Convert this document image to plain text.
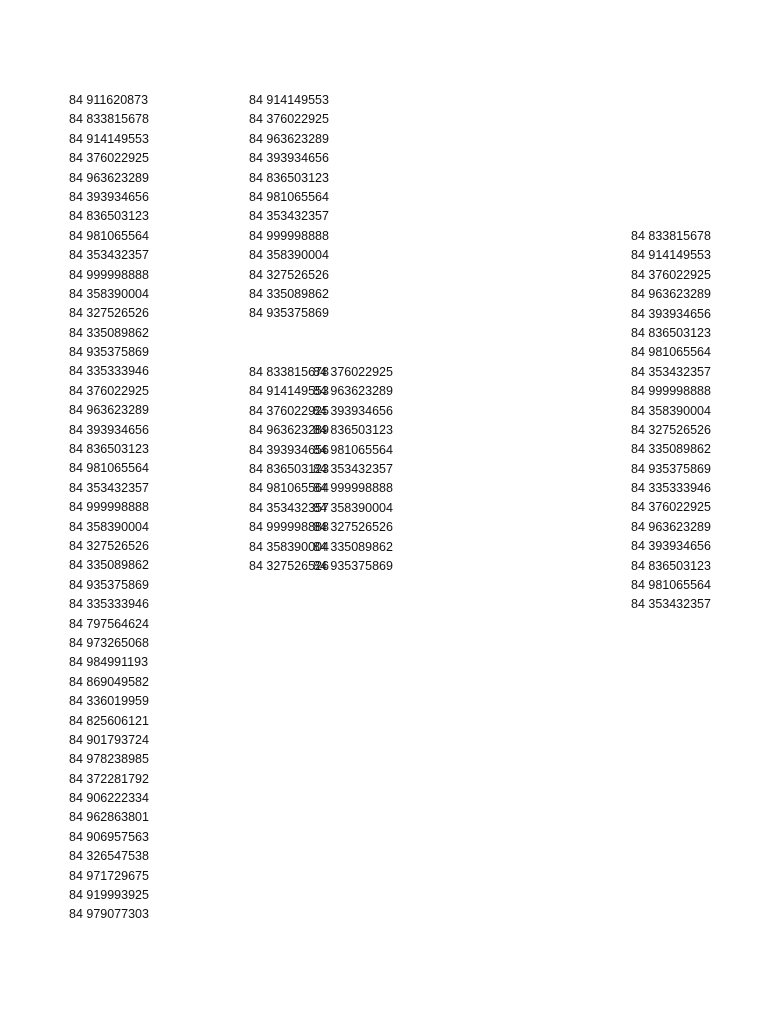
84 911620873
84 833815678
84 914149553
84 376022925
84 963623289
84 393934656
84 836503123
84 981065564
84 353432357
84 999998888
84 358390004
84 327526526
84 335089862
84 935375869
84 335333946
84 376022925
84 963623289
84 393934656
84 836503123
84 981065564
84 353432357
84 999998888
84 358390004
84 327526526
84 335089862
84 935375869
84 335333946
84 797564624
84 973265068
84 984991193
84 869049582
84 336019959
84 825606121
84 901793724
84 978238985
84 372281792
84 906222334
84 962863801
84 906957563
84 326547538
84 971729675
84 919993925
84 979077303
84 914149553
84 376022925
84 963623289
84 393934656
84 836503123
84 981065564
84 353432357
84 999998888
84 358390004
84 327526526
84 335089862
84 935375869
84 833815678
84 914149553
84 376022925
84 963623289
84 393934656
84 836503123
84 981065564
84 353432357
84 999998888
84 358390004
84 327526526
84 376022925
84 963623289
84 393934656
84 836503123
84 981065564
84 353432357
84 999998888
84 358390004
84 327526526
84 335089862
84 935375869
84 833815678
84 914149553
84 376022925
84 963623289
84 393934656
84 836503123
84 981065564
84 353432357
84 999998888
84 358390004
84 327526526
84 335089862
84 935375869
84 335333946
84 376022925
84 963623289
84 393934656
84 836503123
84 981065564
84 353432357
